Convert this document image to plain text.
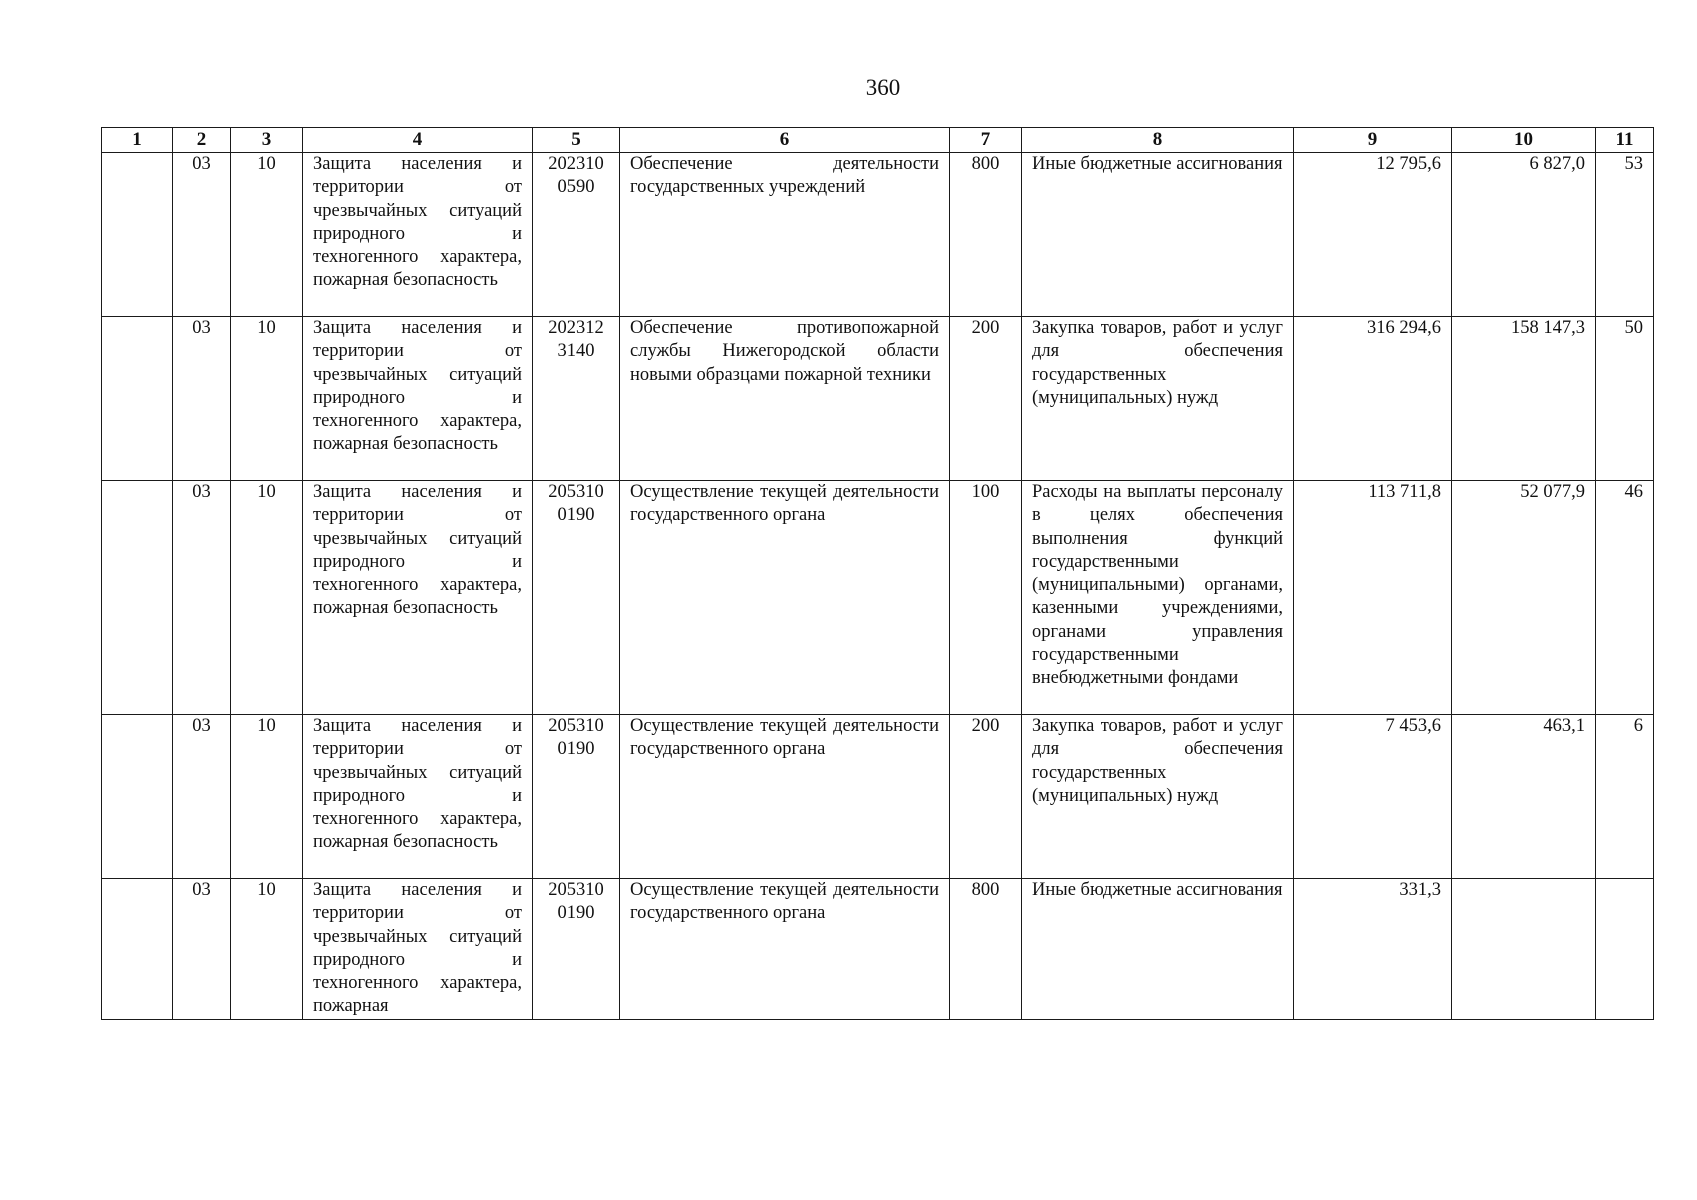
360
1	2	3	4	5	6	7	8	9	10	11
	03	10	Защита населения и территории от чрезвычайных ситуаций природного и техногенного характера, пожарная безопасность	202310 0590	Обеспечение деятельности государственных учреждений	800	Иные бюджетные ассигнования	12 795,6	6 827,0	53
	03	10	Защита населения и территории от чрезвычайных ситуаций природного и техногенного характера, пожарная безопасность	202312 3140	Обеспечение противопожарной службы Нижегородской области новыми образцами пожарной техники	200	Закупка товаров, работ и услуг для обеспечения государственных (муниципальных) нужд	316 294,6	158 147,3	50
	03	10	Защита населения и территории от чрезвычайных ситуаций природного и техногенного характера, пожарная безопасность	205310 0190	Осуществление текущей деятельности государственного органа	100	Расходы на выплаты персоналу в целях обеспечения выполнения функций государственными (муниципальными) органами, казенными учреждениями, органами управления государственными внебюджетными фондами	113 711,8	52 077,9	46
	03	10	Защита населения и территории от чрезвычайных ситуаций природного и техногенного характера, пожарная безопасность	205310 0190	Осуществление текущей деятельности государственного органа	200	Закупка товаров, работ и услуг для обеспечения государственных (муниципальных) нужд	7 453,6	463,1	6
	03	10	Защита населения и территории от чрезвычайных ситуаций природного и техногенного характера, пожарная	205310 0190	Осуществление текущей деятельности государственного органа	800	Иные бюджетные ассигнования	331,3		
